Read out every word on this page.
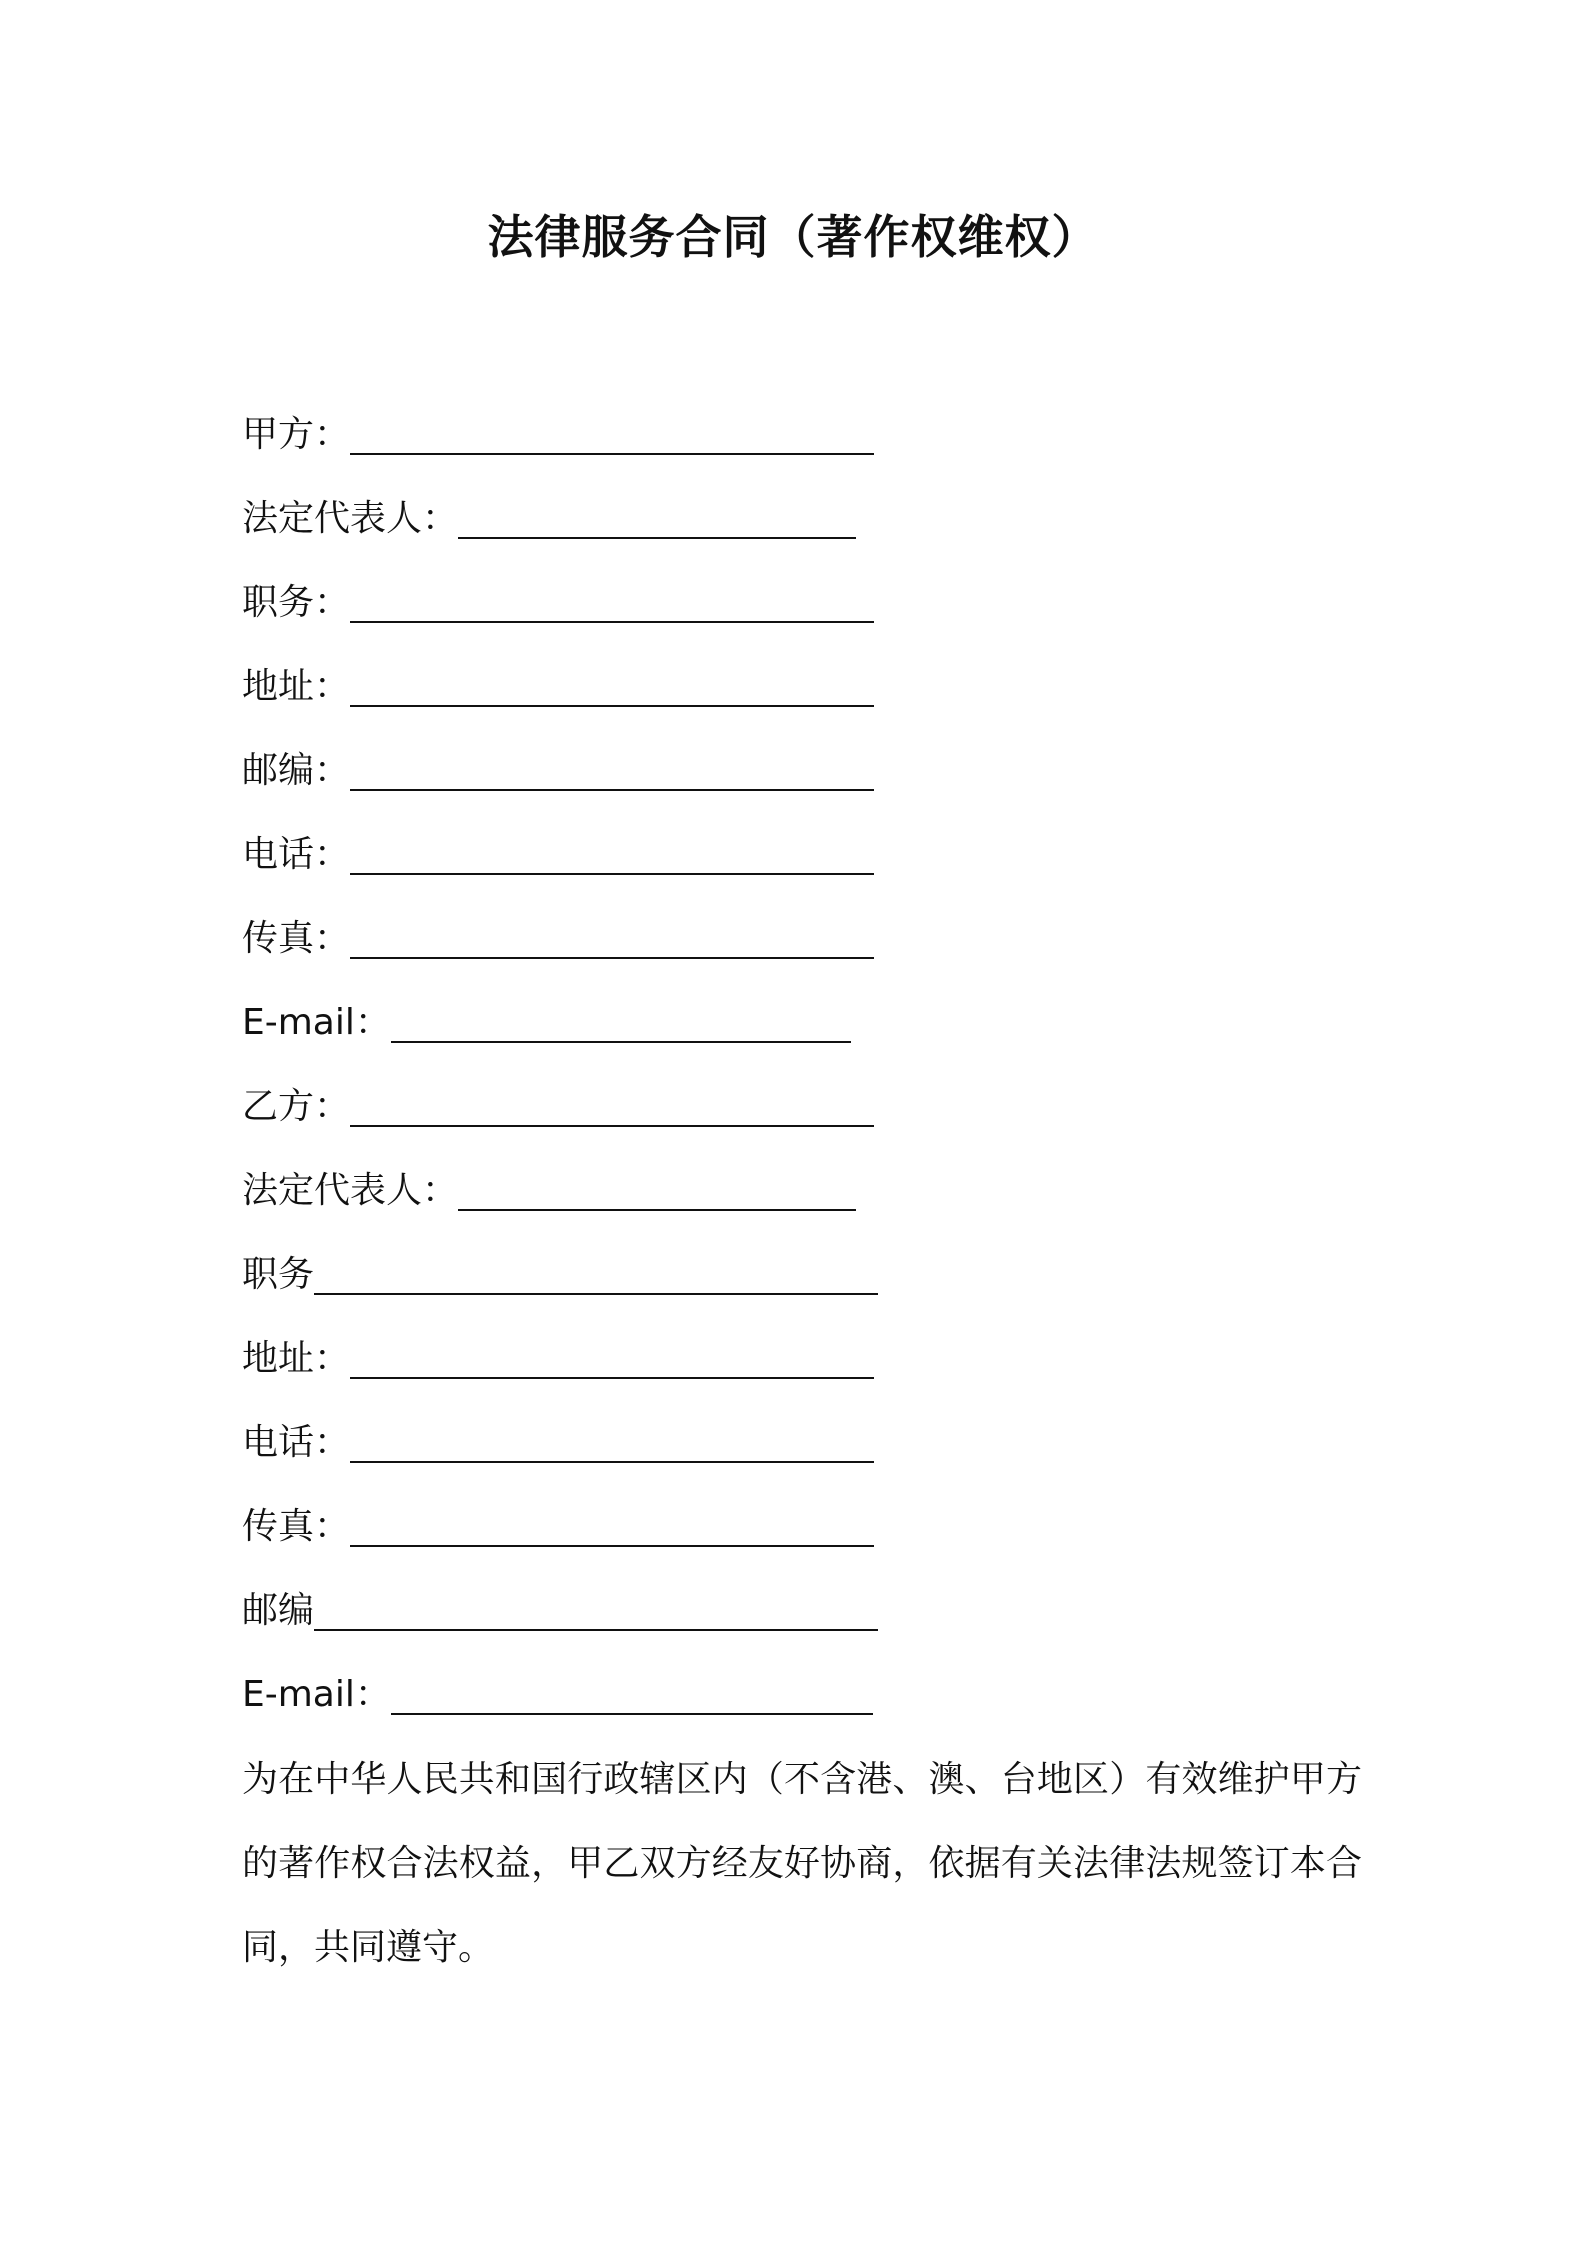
法律服务合同（著作权维权）
甲方：
法定代表人：
职务：
地址：
邮编：
电话：
传真：
E-mail：
乙方：
法定代表人：
职务
地址：
电话：
传真：
邮编
E-mail：
为在中华人民共和国行政辖区内（不含港、澳、台地区）有效维护甲方的著作权合法权益，甲乙双方经友好协商，依据有关法律法规签订本合同，共同遵守。
